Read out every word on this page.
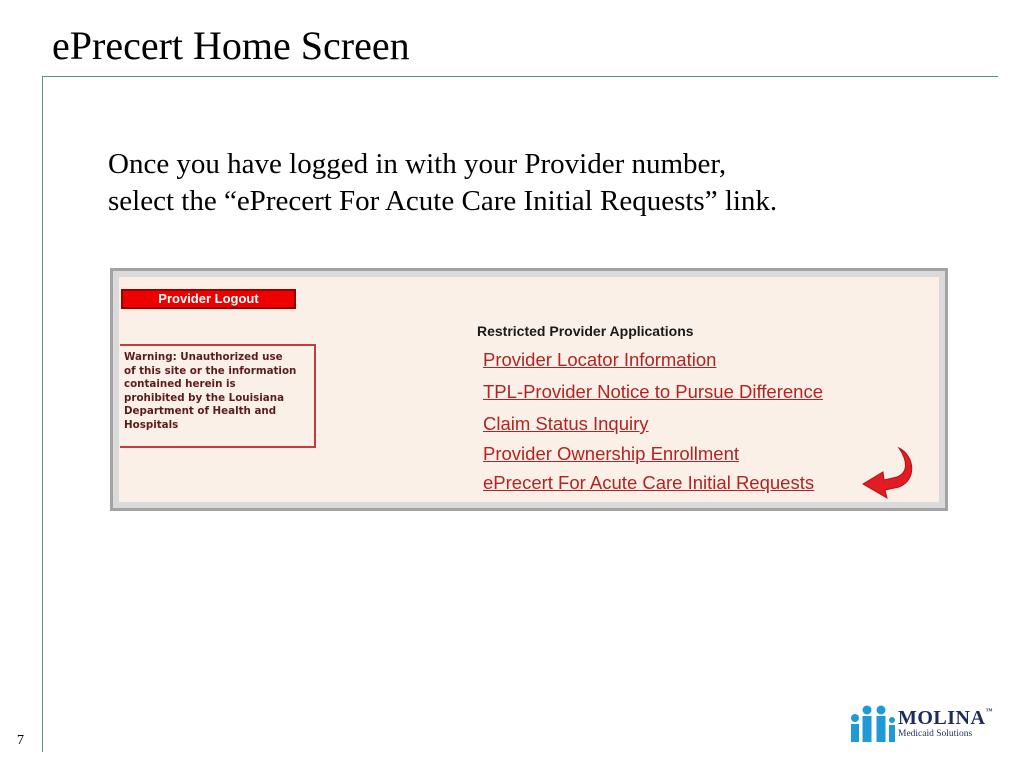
ePrecert Home Screen
Once you have logged in with your Provider number,
select the “ePrecert For Acute Care Initial Requests” link.
Provider Logout
Warning: Unauthorized use
of this site or the information
contained herein is
prohibited by the Louisiana
Department of Health and
Hospitals
Restricted Provider Applications
Provider Locator Information
TPL-Provider Notice to Pursue Difference
Claim Status Inquiry
Provider Ownership Enrollment
ePrecert For Acute Care Initial Requests
7
MOLINA™
Medicaid Solutions
